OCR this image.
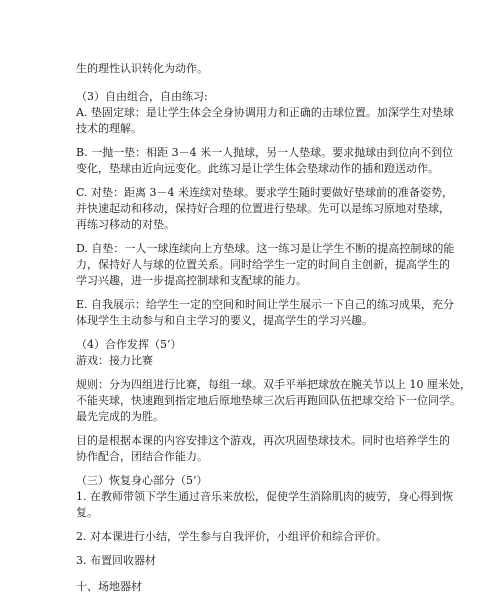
生的理性认识转化为动作。
（3）自由组合，自由练习:
A. 垫固定球：是让学生体会全身协调用力和正确的击球位置。加深学生对垫球
技术的理解。
B. 一抛一垫：相距 3－4 米一人抛球，另一人垫球。要求抛球由到位向不到位
变化，垫球由近向远变化。此练习是让学生体会垫球动作的插和蹬送动作。
C. 对垫：距离 3－4 米连续对垫球。要求学生随时要做好垫球前的准备姿势，
并快速起动和移动，保持好合理的位置进行垫球。先可以是练习原地对垫球，
再练习移动的对垫。
D. 自垫：一人一球连续向上方垫球。这一练习是让学生不断的提高控制球的能
力，保持好人与球的位置关系。同时给学生一定的时间自主创新，提高学生的
学习兴趣，进一步提高控制球和支配球的能力。
E. 自我展示：给学生一定的空间和时间让学生展示一下自己的练习成果，充分
体现学生主动参与和自主学习的要义，提高学生的学习兴趣。
（4）合作发挥（5’）
游戏：接力比赛
规则：分为四组进行比赛，每组一球。双手平举把球放在腕关节以上 10 厘米处，
不能夹球，快速跑到指定地后原地垫球三次后再跑回队伍把球交给下一位同学。
最先完成的为胜。
目的是根据本课的内容安排这个游戏，再次巩固垫球技术。同时也培养学生的
协作配合，团结合作能力。
（三）恢复身心部分（5’）
1. 在教师带领下学生通过音乐来放松，促使学生消除肌肉的疲劳，身心得到恢
复。
2. 对本课进行小结，学生参与自我评价，小组评价和综合评价。
3. 布置回收器材
十、场地器材
